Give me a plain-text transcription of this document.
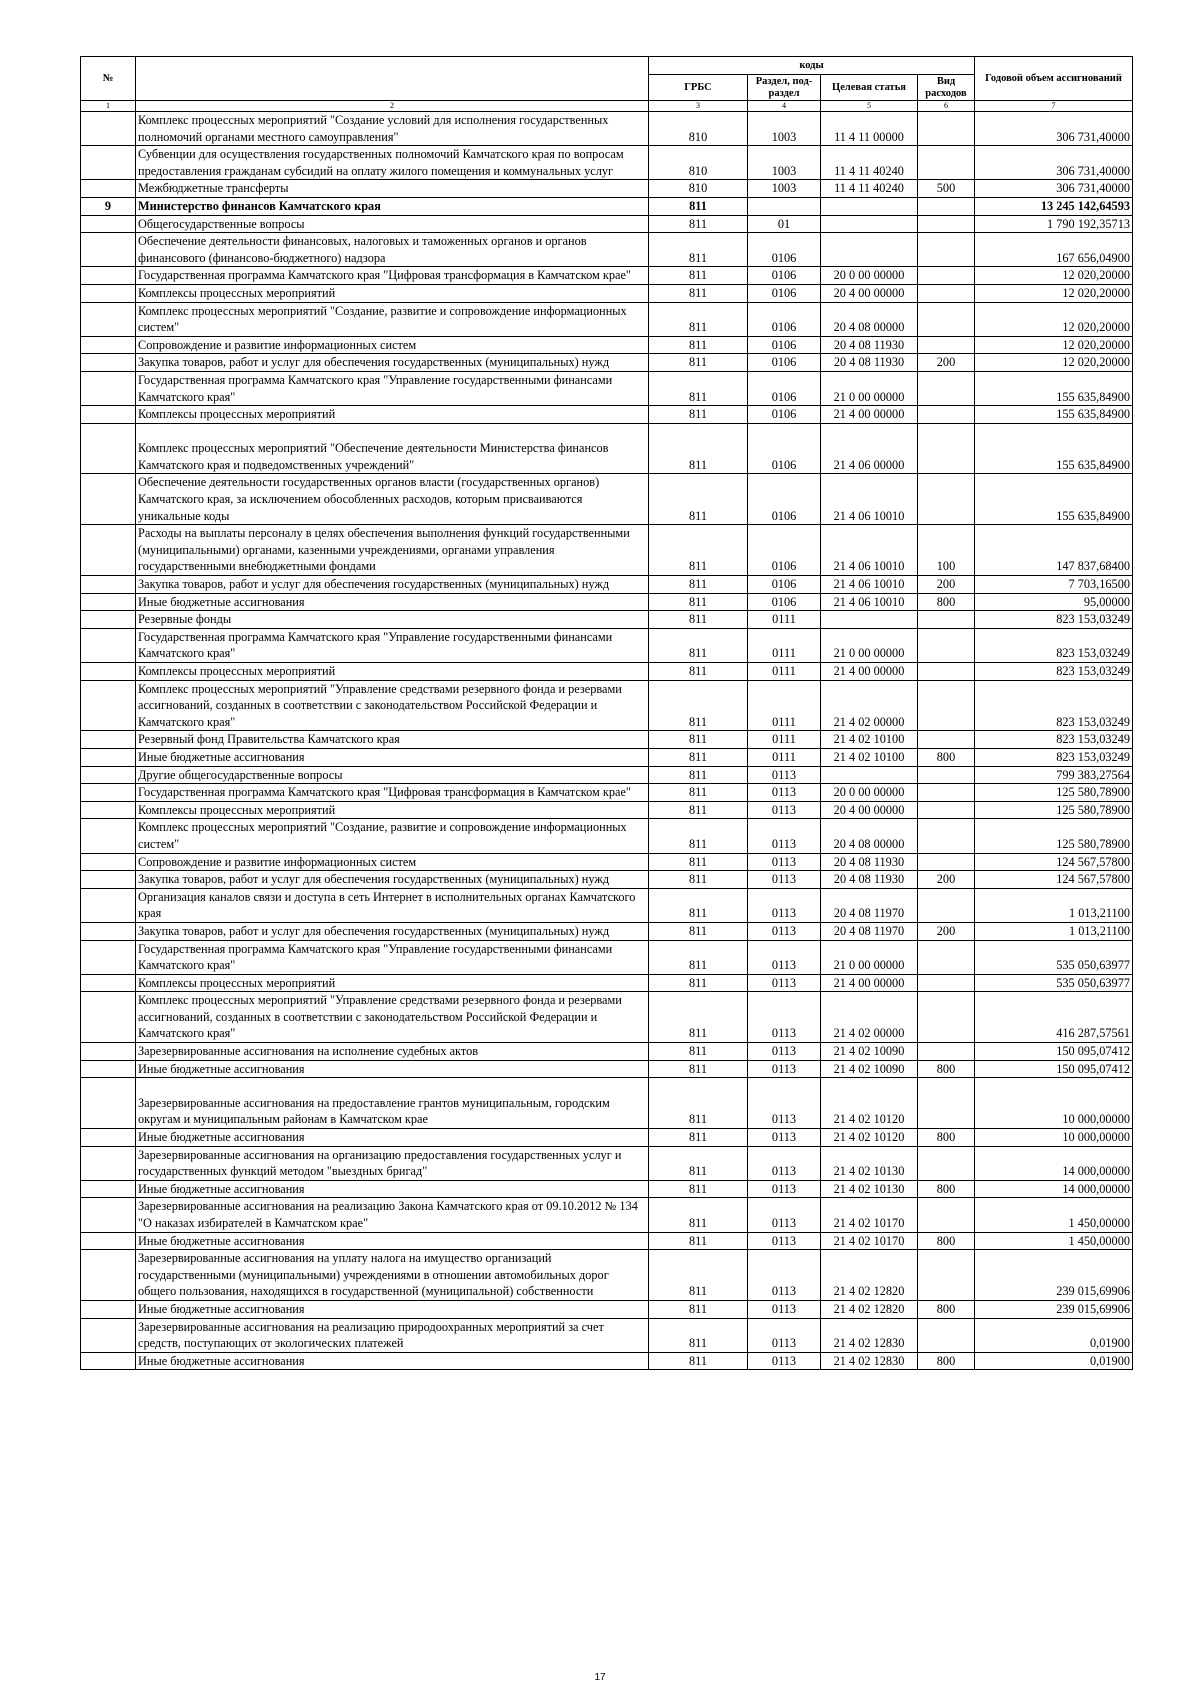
№		коды				Годовой объем ассигнований
		ГРБС	Раздел, под-раздел	Целевая статья	Вид расходов	
1	2	3	4	5	6	7
	Комплекс процессных мероприятий "Создание условий для исполнения государственных полномочий органами местного самоуправления"	810	1003	11 4 11 00000		306 731,40000
	Субвенции для осуществления государственных полномочий Камчатского края по вопросам предоставления гражданам субсидий на оплату жилого помещения и коммунальных услуг	810	1003	11 4 11 40240		306 731,40000
	Межбюджетные трансферты	810	1003	11 4 11 40240	500	306 731,40000
9	Министерство финансов Камчатского края	811				13 245 142,64593
	Общегосударственные вопросы	811	01			1 790 192,35713
	Обеспечение деятельности финансовых, налоговых и таможенных органов и органов финансового (финансово-бюджетного) надзора	811	0106			167 656,04900
	Государственная программа Камчатского края "Цифровая трансформация в Камчатском крае"	811	0106	20 0 00 00000		12 020,20000
	Комплексы процессных мероприятий	811	0106	20 4 00 00000		12 020,20000
	Комплекс процессных мероприятий "Создание, развитие и сопровождение информационных систем"	811	0106	20 4 08 00000		12 020,20000
	Сопровождение и развитие информационных систем	811	0106	20 4 08 11930		12 020,20000
	Закупка товаров, работ и услуг для обеспечения государственных (муниципальных) нужд	811	0106	20 4 08 11930	200	12 020,20000
	Государственная программа Камчатского края "Управление государственными финансами Камчатского края"	811	0106	21 0 00 00000		155 635,84900
	Комплексы процессных мероприятий	811	0106	21 4 00 00000		155 635,84900
	Комплекс процессных мероприятий "Обеспечение деятельности Министерства финансов Камчатского края и подведомственных учреждений"	811	0106	21 4 06 00000		155 635,84900
	Обеспечение деятельности государственных органов власти (государственных органов) Камчатского края, за исключением обособленных расходов, которым присваиваются уникальные коды	811	0106	21 4 06 10010		155 635,84900
	Расходы на выплаты персоналу в целях обеспечения выполнения функций государственными (муниципальными) органами, казенными учреждениями, органами управления государственными внебюджетными фондами	811	0106	21 4 06 10010	100	147 837,68400
	Закупка товаров, работ и услуг для обеспечения государственных (муниципальных) нужд	811	0106	21 4 06 10010	200	7 703,16500
	Иные бюджетные ассигнования	811	0106	21 4 06 10010	800	95,00000
	Резервные фонды	811	0111			823 153,03249
	Государственная программа Камчатского края "Управление государственными финансами Камчатского края"	811	0111	21 0 00 00000		823 153,03249
	Комплексы процессных мероприятий	811	0111	21 4 00 00000		823 153,03249
	Комплекс процессных мероприятий "Управление средствами резервного фонда и резервами ассигнований, созданных в соответствии с законодательством Российской Федерации и Камчатского края"	811	0111	21 4 02 00000		823 153,03249
	Резервный фонд Правительства Камчатского края	811	0111	21 4 02 10100		823 153,03249
	Иные бюджетные ассигнования	811	0111	21 4 02 10100	800	823 153,03249
	Другие общегосударственные вопросы	811	0113			799 383,27564
	Государственная программа Камчатского края "Цифровая трансформация в Камчатском крае"	811	0113	20 0 00 00000		125 580,78900
	Комплексы процессных мероприятий	811	0113	20 4 00 00000		125 580,78900
	Комплекс процессных мероприятий "Создание, развитие и сопровождение информационных систем"	811	0113	20 4 08 00000		125 580,78900
	Сопровождение и развитие информационных систем	811	0113	20 4 08 11930		124 567,57800
	Закупка товаров, работ и услуг для обеспечения государственных (муниципальных) нужд	811	0113	20 4 08 11930	200	124 567,57800
	Организация каналов связи и доступа в сеть Интернет в исполнительных органах Камчатского края	811	0113	20 4 08 11970		1 013,21100
	Закупка товаров, работ и услуг для обеспечения государственных (муниципальных) нужд	811	0113	20 4 08 11970	200	1 013,21100
	Государственная программа Камчатского края "Управление государственными финансами Камчатского края"	811	0113	21 0 00 00000		535 050,63977
	Комплексы процессных мероприятий	811	0113	21 4 00 00000		535 050,63977
	Комплекс процессных мероприятий "Управление средствами резервного фонда и резервами ассигнований, созданных в соответствии с законодательством Российской Федерации и Камчатского края"	811	0113	21 4 02 00000		416 287,57561
	Зарезервированные ассигнования на исполнение судебных актов	811	0113	21 4 02 10090		150 095,07412
	Иные бюджетные ассигнования	811	0113	21 4 02 10090	800	150 095,07412
	Зарезервированные ассигнования на предоставление грантов муниципальным, городским округам и муниципальным районам в Камчатском крае	811	0113	21 4 02 10120		10 000,00000
	Иные бюджетные ассигнования	811	0113	21 4 02 10120	800	10 000,00000
	Зарезервированные ассигнования на организацию предоставления государственных услуг и государственных функций методом "выездных бригад"	811	0113	21 4 02 10130		14 000,00000
	Иные бюджетные ассигнования	811	0113	21 4 02 10130	800	14 000,00000
	Зарезервированные ассигнования на реализацию Закона Камчатского края от 09.10.2012 № 134 "О наказах избирателей в Камчатском крае"	811	0113	21 4 02 10170		1 450,00000
	Иные бюджетные ассигнования	811	0113	21 4 02 10170	800	1 450,00000
	Зарезервированные ассигнования на уплату налога на имущество организаций государственными (муниципальными) учреждениями в отношении автомобильных дорог общего пользования, находящихся в государственной (муниципальной) собственности	811	0113	21 4 02 12820		239 015,69906
	Иные бюджетные ассигнования	811	0113	21 4 02 12820	800	239 015,69906
	Зарезервированные ассигнования на реализацию природоохранных мероприятий за счет средств, поступающих от экологических платежей	811	0113	21 4 02 12830		0,01900
	Иные бюджетные ассигнования	811	0113	21 4 02 12830	800	0,01900
17
